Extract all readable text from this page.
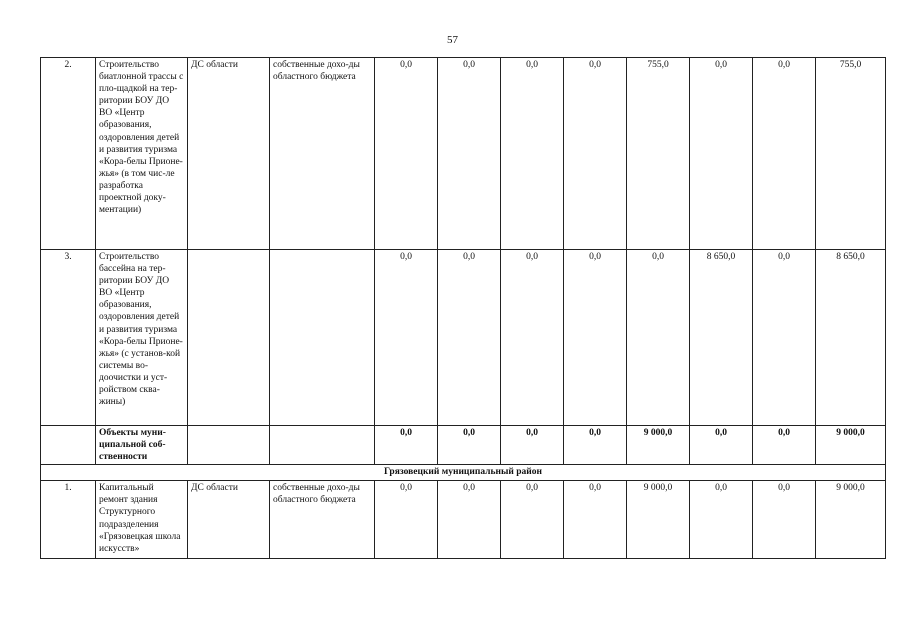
57
2.	Строительство биатлонной трассы с пло-щадкой на тер-ритории БОУ ДО ВО «Центр образования, оздоровления детей и развития туризма «Кора-белы Прионе-жья» (в том чис-ле разработка проектной доку-ментации)	ДС области	собственные дохо-ды областного бюджета	0,0	0,0	0,0	0,0	755,0	0,0	0,0	755,0
3.	Строительство бассейна на тер-ритории БОУ ДО ВО «Центр образования, оздоровления детей и развития туризма «Кора-белы Прионе-жья» (с установ-кой системы во-доочистки и уст-ройством сква-жины)			0,0	0,0	0,0	0,0	0,0	8 650,0	0,0	8 650,0
	Объекты муни-ципальной соб-ственности			0,0	0,0	0,0	0,0	9 000,0	0,0	0,0	9 000,0
Грязовецкий муниципальный район											
1.	Капитальный ремонт здания Структурного подразделения «Грязовецкая школа искусств»	ДС области	собственные дохо-ды областного бюджета	0,0	0,0	0,0	0,0	9 000,0	0,0	0,0	9 000,0
